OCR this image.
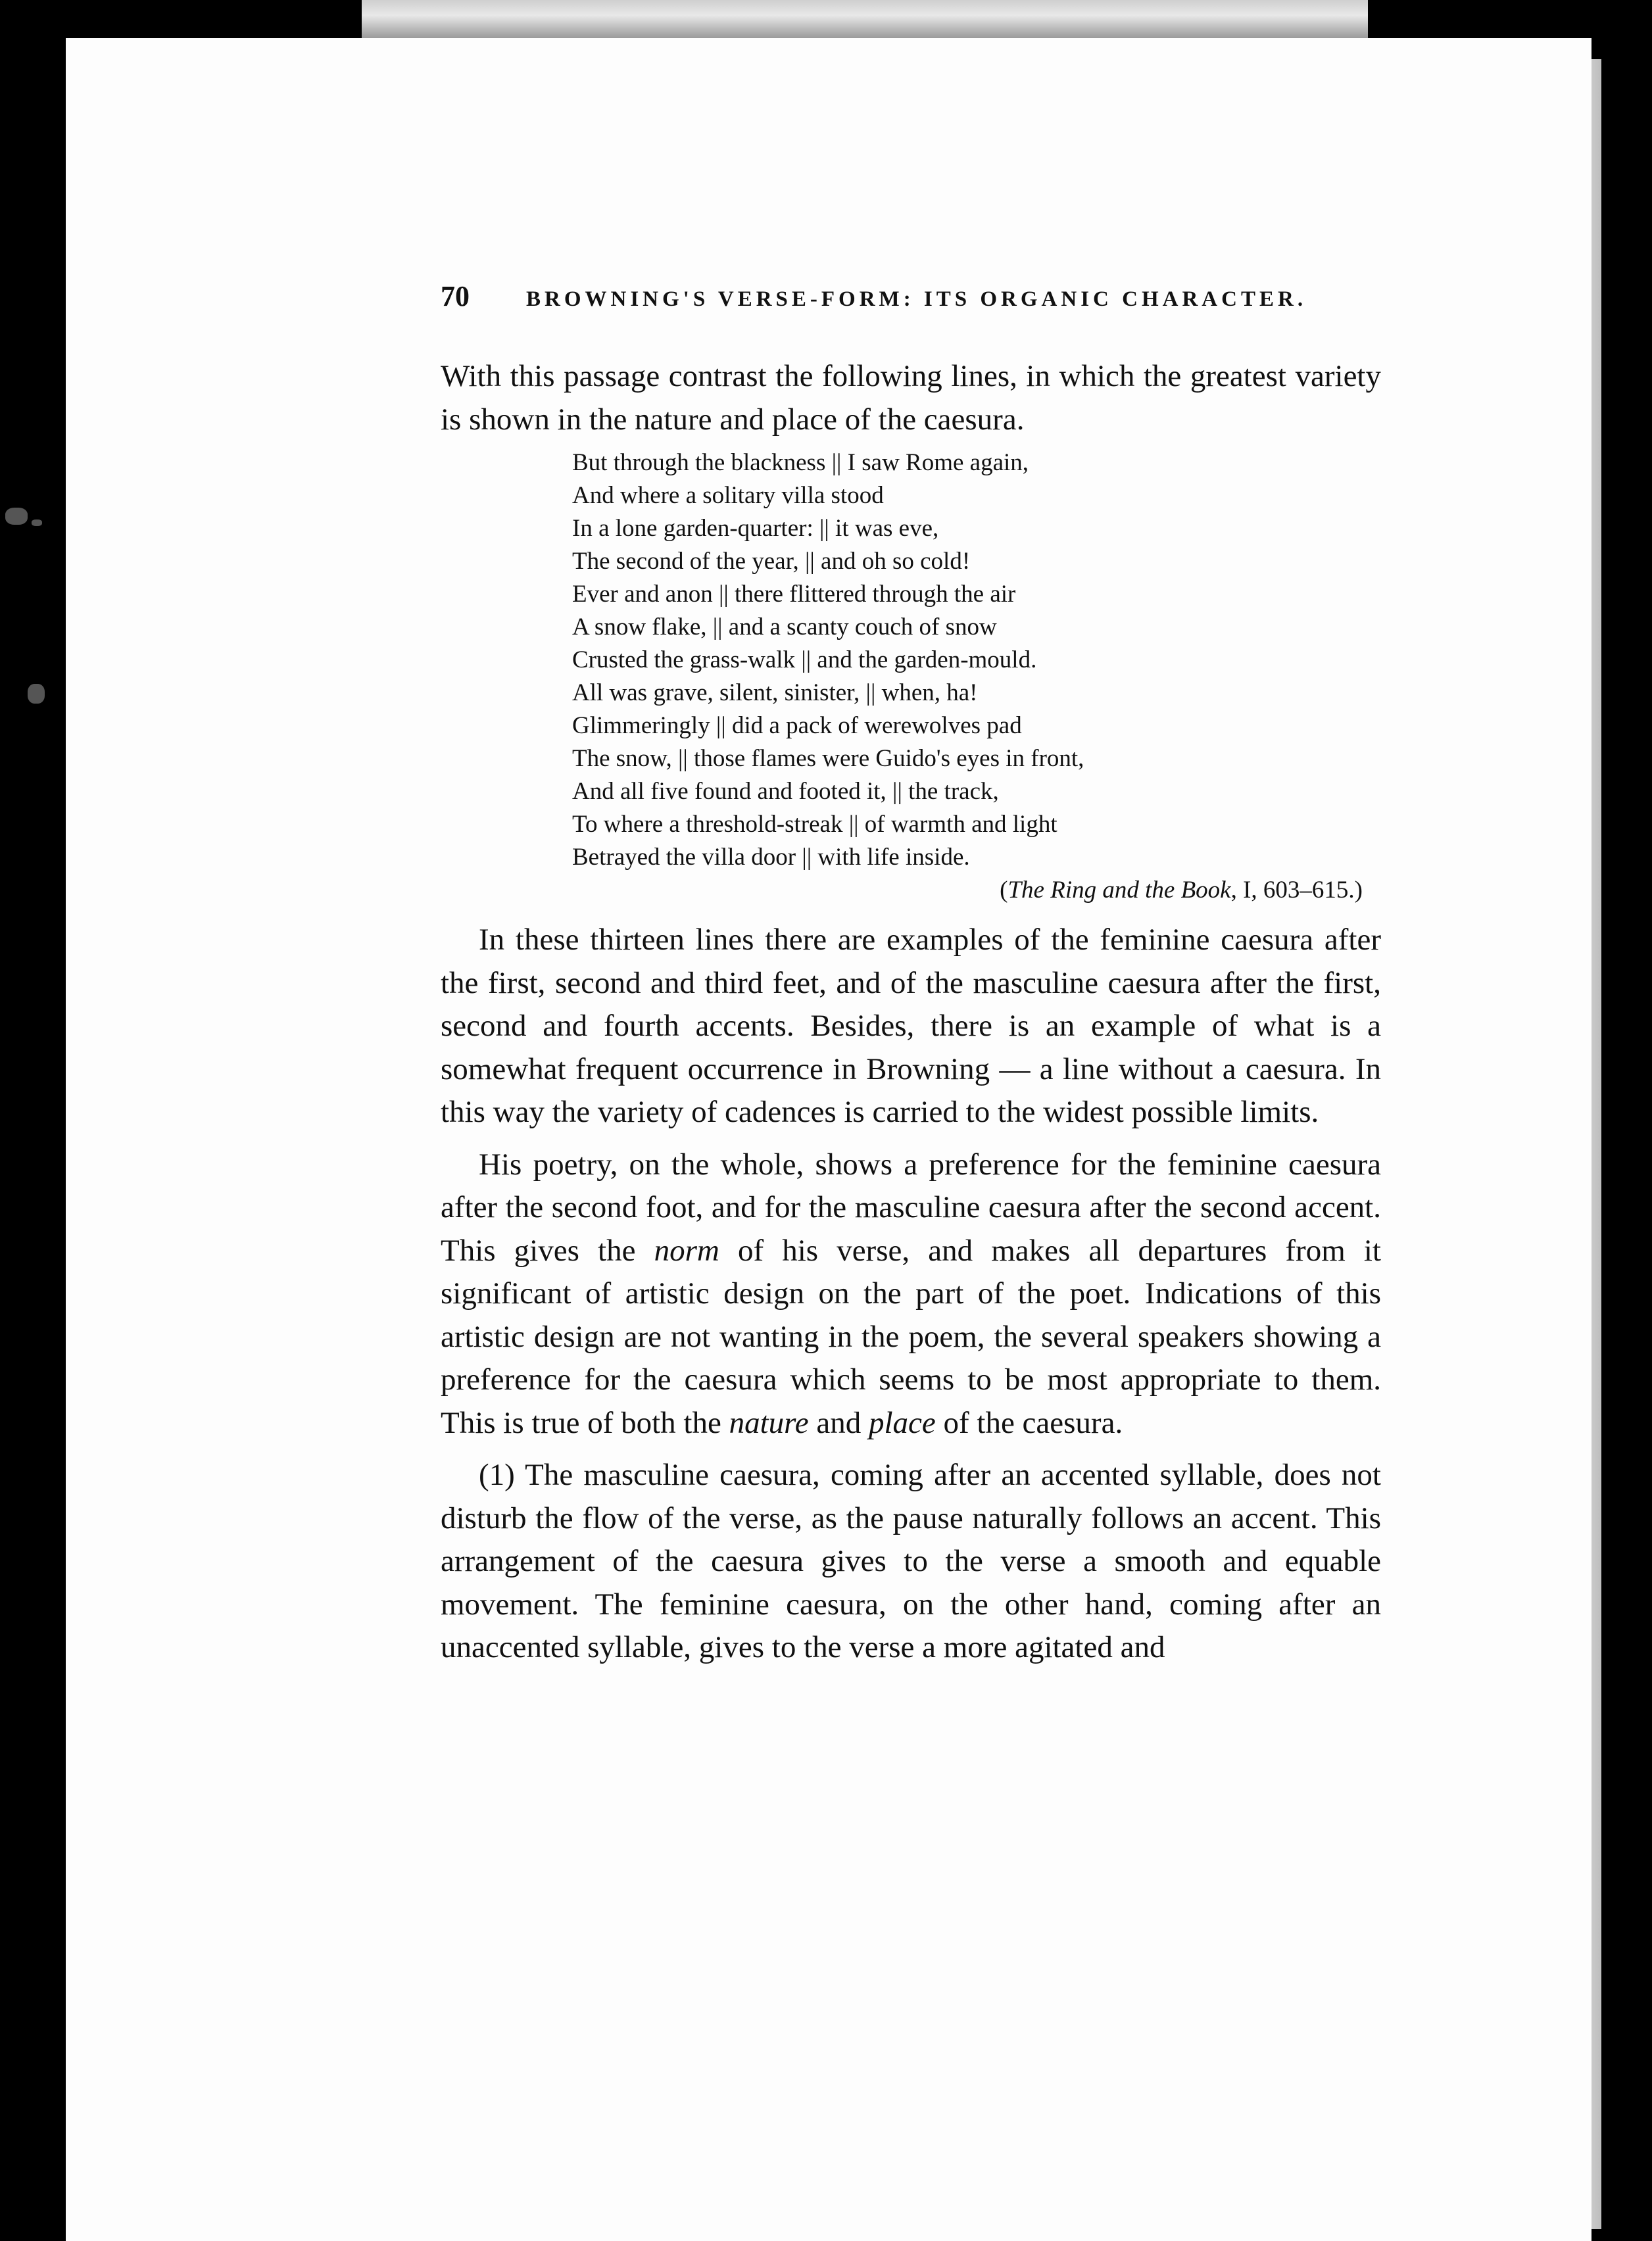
70	BROWNING'S VERSE-FORM: ITS ORGANIC CHARACTER.

With this passage contrast the following lines, in which the greatest variety is shown in the nature and place of the caesura.

But through the blackness || I saw Rome again,
And where a solitary villa stood
In a lone garden-quarter: || it was eve,
The second of the year, || and oh so cold!
Ever and anon || there flittered through the air
A snow flake, || and a scanty couch of snow
Crusted the grass-walk || and the garden-mould.
All was grave, silent, sinister, || when, ha!
Glimmeringly || did a pack of werewolves pad
The snow, || those flames were Guido's eyes in front,
And all five found and footed it, || the track,
To where a threshold-streak || of warmth and light
Betrayed the villa door || with life inside.
(The Ring and the Book, I, 603–615.)

In these thirteen lines there are examples of the feminine caesura after the first, second and third feet, and of the masculine caesura after the first, second and fourth accents. Besides, there is an example of what is a somewhat frequent occurrence in Browning — a line without a caesura. In this way the variety of cadences is carried to the widest possible limits.

His poetry, on the whole, shows a preference for the feminine caesura after the second foot, and for the masculine caesura after the second accent. This gives the norm of his verse, and makes all departures from it significant of artistic design on the part of the poet. Indications of this artistic design are not wanting in the poem, the several speakers showing a preference for the caesura which seems to be most appropriate to them. This is true of both the nature and place of the caesura.

(1) The masculine caesura, coming after an accented syllable, does not disturb the flow of the verse, as the pause naturally follows an accent. This arrangement of the caesura gives to the verse a smooth and equable movement. The feminine caesura, on the other hand, coming after an unaccented syllable, gives to the verse a more agitated and
